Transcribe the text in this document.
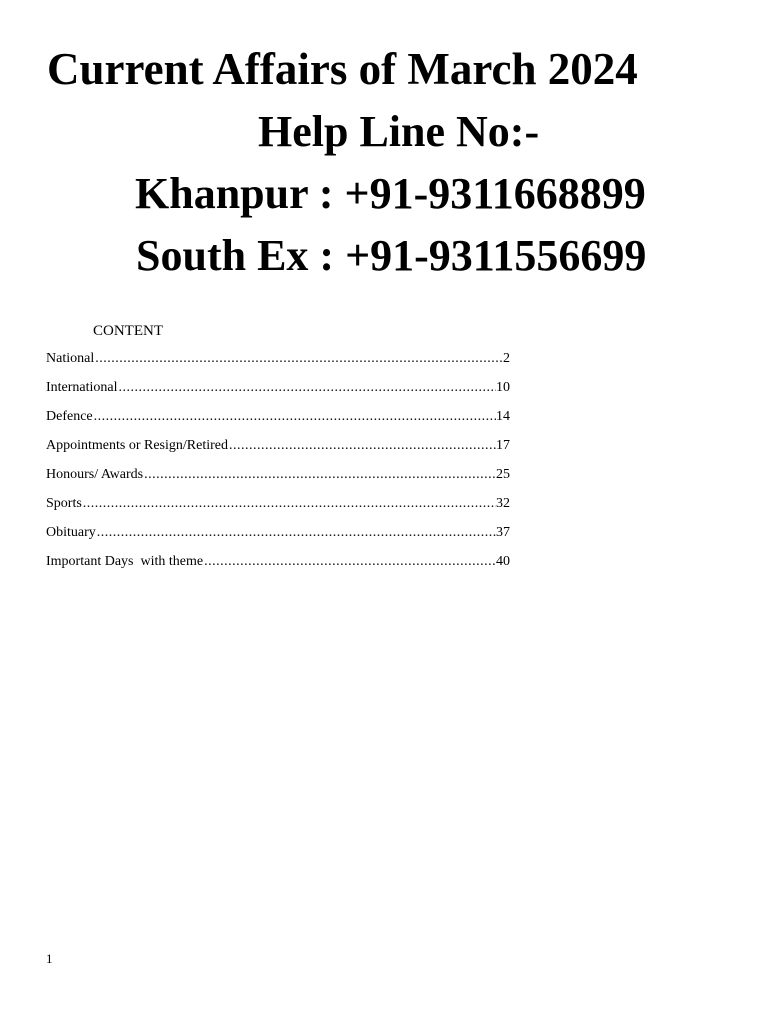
Current Affairs of March 2024
Help Line No:-
Khanpur : +91-9311668899
South Ex : +91-9311556699
CONTENT
National .....	2
International .....	10
Defence .....	14
Appointments or Resign/Retired .....	17
Honours/ Awards .....	25
Sports .....	32
Obituary .....	37
Important Days  with theme .....	40
1
